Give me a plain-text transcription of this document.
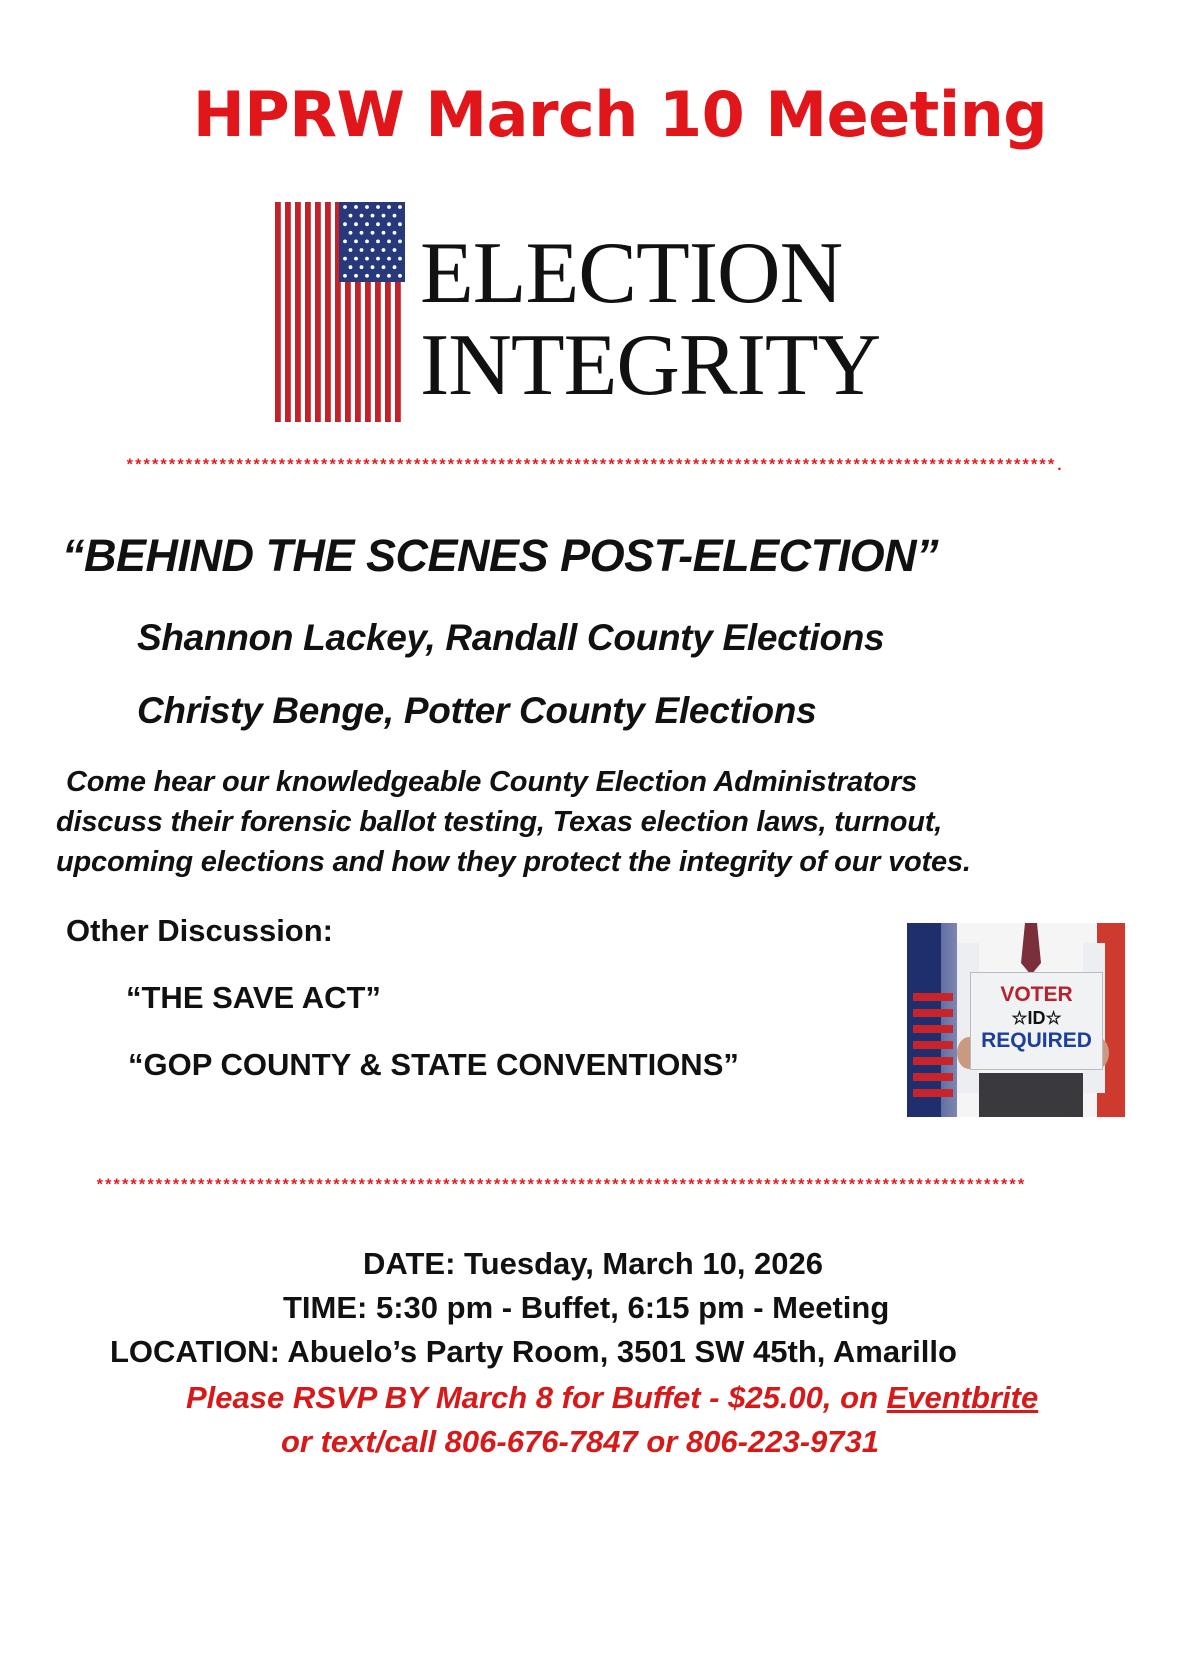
HPRW March 10 Meeting
ELECTION
INTEGRITY
**************************************************************************************************************.
“BEHIND THE SCENES POST-ELECTION”
Shannon Lackey, Randall County Elections
Christy Benge, Potter County Elections
Come hear our knowledgeable County Election Administrators
discuss their forensic ballot testing, Texas election laws, turnout,
upcoming elections and how they protect the integrity of our votes.
Other Discussion:
“THE SAVE ACT”
“GOP COUNTY & STATE CONVENTIONS”
VOTER
☆ID☆
REQUIRED
**************************************************************************************************************
DATE: Tuesday, March 10, 2026
TIME: 5:30 pm - Buffet, 6:15 pm - Meeting
LOCATION: Abuelo’s Party Room, 3501 SW 45th, Amarillo
Please RSVP BY March 8 for Buffet - $25.00, on Eventbrite
or text/call 806-676-7847 or 806-223-9731
